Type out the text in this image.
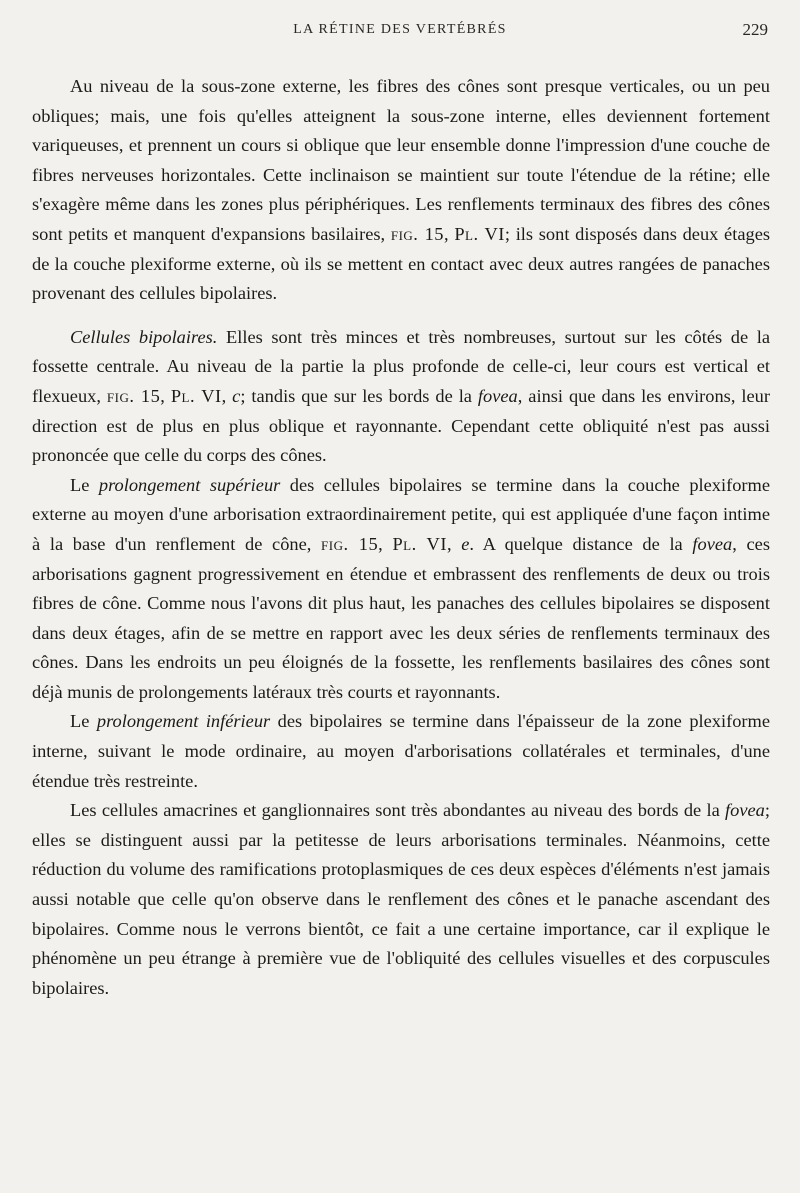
LA RÉTINE DES VERTÉBRÉS	229

Au niveau de la sous-zone externe, les fibres des cônes sont presque verticales, ou un peu obliques; mais, une fois qu'elles atteignent la sous-zone interne, elles deviennent fortement variqueuses, et prennent un cours si oblique que leur ensemble donne l'impression d'une couche de fibres nerveuses horizontales. Cette inclinaison se maintient sur toute l'étendue de la rétine; elle s'exagère même dans les zones plus périphériques. Les renflements terminaux des fibres des cônes sont petits et manquent d'expansions basilaires, fig. 15, Pl. VI; ils sont disposés dans deux étages de la couche plexiforme externe, où ils se mettent en contact avec deux autres rangées de panaches provenant des cellules bipolaires.

Cellules bipolaires. Elles sont très minces et très nombreuses, surtout sur les côtés de la fossette centrale. Au niveau de la partie la plus profonde de celle-ci, leur cours est vertical et flexueux, fig. 15, Pl. VI, c; tandis que sur les bords de la fovea, ainsi que dans les environs, leur direction est de plus en plus oblique et rayonnante. Cependant cette obliquité n'est pas aussi prononcée que celle du corps des cônes.

Le prolongement supérieur des cellules bipolaires se termine dans la couche plexiforme externe au moyen d'une arborisation extraordinairement petite, qui est appliquée d'une façon intime à la base d'un renflement de cône, fig. 15, Pl. VI, e. A quelque distance de la fovea, ces arborisations gagnent progressivement en étendue et embrassent des renflements de deux ou trois fibres de cône. Comme nous l'avons dit plus haut, les panaches des cellules bipolaires se disposent dans deux étages, afin de se mettre en rapport avec les deux séries de renflements terminaux des cônes. Dans les endroits un peu éloignés de la fossette, les renflements basilaires des cônes sont déjà munis de prolongements latéraux très courts et rayonnants.

Le prolongement inférieur des bipolaires se termine dans l'épaisseur de la zone plexiforme interne, suivant le mode ordinaire, au moyen d'arborisations collatérales et terminales, d'une étendue très restreinte.

Les cellules amacrines et ganglionnaires sont très abondantes au niveau des bords de la fovea; elles se distinguent aussi par la petitesse de leurs arborisations terminales. Néanmoins, cette réduction du volume des ramifications protoplasmiques de ces deux espèces d'éléments n'est jamais aussi notable que celle qu'on observe dans le renflement des cônes et le panache ascendant des bipolaires. Comme nous le verrons bientôt, ce fait a une certaine importance, car il explique le phénomène un peu étrange à première vue de l'obliquité des cellules visuelles et des corpuscules bipolaires.
